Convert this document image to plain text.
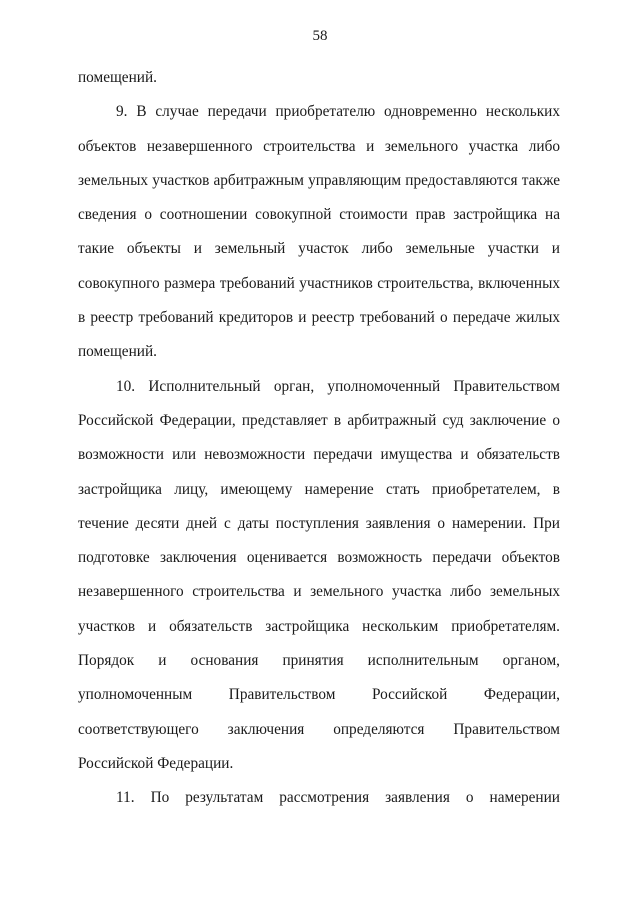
58

помещений.

9. В случае передачи приобретателю одновременно нескольких объектов незавершенного строительства и земельного участка либо земельных участков арбитражным управляющим предоставляются также сведения о соотношении совокупной стоимости прав застройщика на такие объекты и земельный участок либо земельные участки и совокупного размера требований участников строительства, включенных в реестр требований кредиторов и реестр требований о передаче жилых помещений.

10. Исполнительный орган, уполномоченный Правительством Российской Федерации, представляет в арбитражный суд заключение о возможности или невозможности передачи имущества и обязательств застройщика лицу, имеющему намерение стать приобретателем, в течение десяти дней с даты поступления заявления о намерении. При подготовке заключения оценивается возможность передачи объектов незавершенного строительства и земельного участка либо земельных участков и обязательств застройщика нескольким приобретателям. Порядок и основания принятия исполнительным органом, уполномоченным Правительством Российской Федерации, соответствующего заключения определяются Правительством Российской Федерации.

11. По результатам рассмотрения заявления о намерении
